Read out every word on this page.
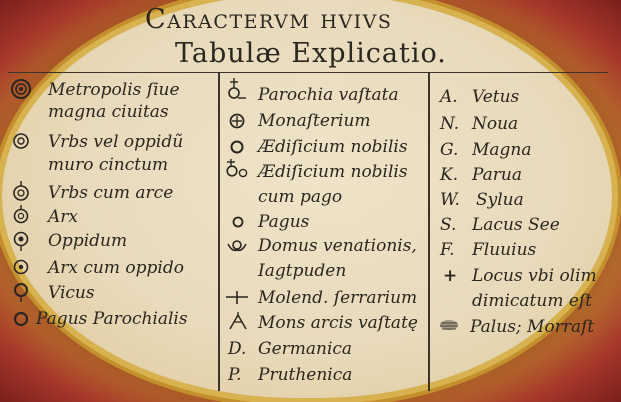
Caractervm hvivs
Tabulæ Explicatio.
Metropolis ſiue
magna ciuitas
Vrbs vel oppidũ
muro cinctum
Vrbs cum arce
Arx
Oppidum
Arx cum oppido
Vicus
Pagus Parochialis
Parochia vaſtata
Monaſterium
Ædiſicium nobilis
Ædiſicium nobilis
cum pago
Pagus
Domus venationis,
Iagtpuden
Molend. ſerrarium
Mons arcis vaſtatę
D. Germanica
P. Pruthenica
A. Vetus
N. Noua
G. Magna
K. Parua
W. Sylua
S. Lacus See
F. Fluuius
+ Locus vbi olim
dimicatum eſt
Palus; Morraſt
